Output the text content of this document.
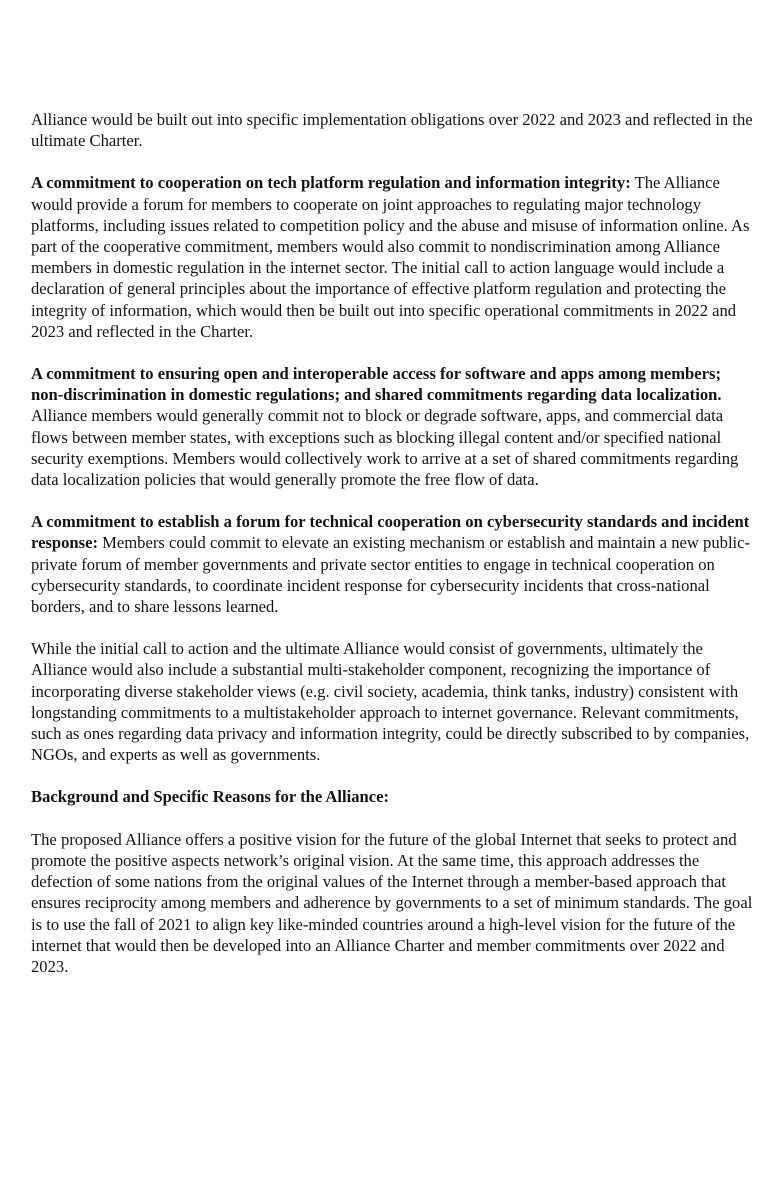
Alliance would be built out into specific implementation obligations over 2022 and 2023 and reflected in the ultimate Charter.

A commitment to cooperation on tech platform regulation and information integrity: The Alliance would provide a forum for members to cooperate on joint approaches to regulating major technology platforms, including issues related to competition policy and the abuse and misuse of information online. As part of the cooperative commitment, members would also commit to nondiscrimination among Alliance members in domestic regulation in the internet sector. The initial call to action language would include a declaration of general principles about the importance of effective platform regulation and protecting the integrity of information, which would then be built out into specific operational commitments in 2022 and 2023 and reflected in the Charter.

A commitment to ensuring open and interoperable access for software and apps among members; non-discrimination in domestic regulations; and shared commitments regarding data localization. Alliance members would generally commit not to block or degrade software, apps, and commercial data flows between member states, with exceptions such as blocking illegal content and/or specified national security exemptions. Members would collectively work to arrive at a set of shared commitments regarding data localization policies that would generally promote the free flow of data.

A commitment to establish a forum for technical cooperation on cybersecurity standards and incident response: Members could commit to elevate an existing mechanism or establish and maintain a new public-private forum of member governments and private sector entities to engage in technical cooperation on cybersecurity standards, to coordinate incident response for cybersecurity incidents that cross-national borders, and to share lessons learned.

While the initial call to action and the ultimate Alliance would consist of governments, ultimately the Alliance would also include a substantial multi-stakeholder component, recognizing the importance of incorporating diverse stakeholder views (e.g. civil society, academia, think tanks, industry) consistent with longstanding commitments to a multistakeholder approach to internet governance. Relevant commitments, such as ones regarding data privacy and information integrity, could be directly subscribed to by companies, NGOs, and experts as well as governments.

Background and Specific Reasons for the Alliance:

The proposed Alliance offers a positive vision for the future of the global Internet that seeks to protect and promote the positive aspects network’s original vision. At the same time, this approach addresses the defection of some nations from the original values of the Internet through a member-based approach that ensures reciprocity among members and adherence by governments to a set of minimum standards. The goal is to use the fall of 2021 to align key like-minded countries around a high-level vision for the future of the internet that would then be developed into an Alliance Charter and member commitments over 2022 and 2023.
